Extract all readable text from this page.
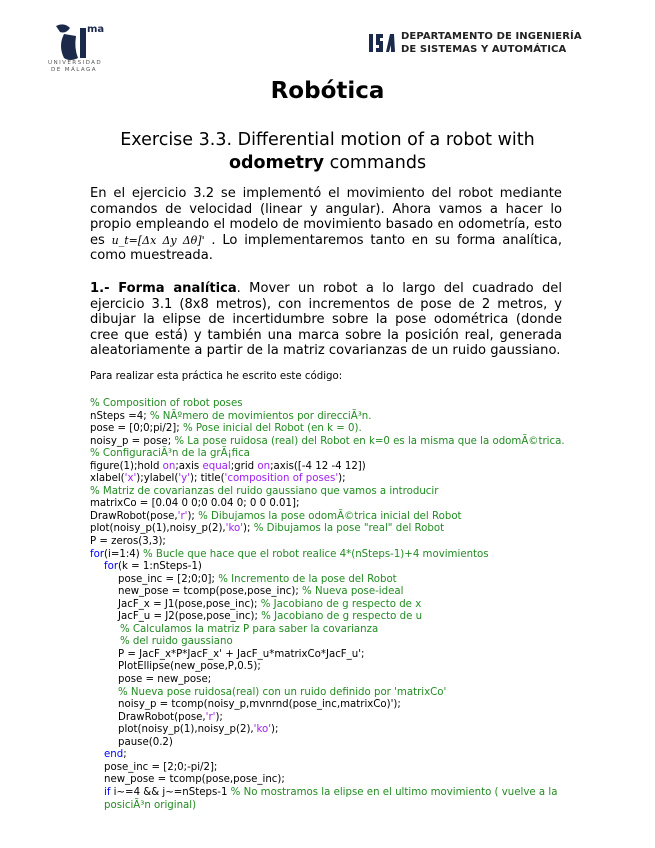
ma
UNIVERSIDAD DE MÁLAGA
DEPARTAMENTO DE INGENIERÍA
DE SISTEMAS Y AUTOMÁTICA
Robótica
Exercise 3.3. Differential motion of a robot with
odometry commands
En el ejercicio 3.2 se implementó el movimiento del robot mediante comandos de velocidad (linear y angular). Ahora vamos a hacer lo propio empleando el modelo de movimiento basado en odometría, esto es u_t=[Δx Δy Δθ]' . Lo implementaremos tanto en su forma analítica, como muestreada.
1.- Forma analítica. Mover un robot a lo largo del cuadrado del ejercicio 3.1 (8x8 metros), con incrementos de pose de 2 metros, y dibujar la elipse de incertidumbre sobre la pose odométrica (donde cree que está) y también una marca sobre la posición real, generada aleatoriamente a partir de la matriz covarianzas de un ruido gaussiano.
Para realizar esta práctica he escrito este código:
% Composition of robot poses
nSteps =4; % NÃºmero de movimientos por direcciÃ³n.
pose = [0;0;pi/2]; % Pose inicial del Robot (en k = 0).
noisy_p = pose; % La pose ruidosa (real) del Robot en k=0 es la misma que la odomÃ©trica.
% ConfiguraciÃ³n de la grÃ¡fica
figure(1);hold on;axis equal;grid on;axis([-4 12 -4 12])
xlabel('x');ylabel('y'); title('composition of poses');
% Matriz de covarianzas del ruido gaussiano que vamos a introducir
matrixCo = [0.04 0 0;0 0.04 0; 0 0 0.01];
DrawRobot(pose,'r'); % Dibujamos la pose odomÃ©trica inicial del Robot
plot(noisy_p(1),noisy_p(2),'ko'); % Dibujamos la pose "real" del Robot
P = zeros(3,3);
for(i=1:4) % Bucle que hace que el robot realice 4*(nSteps-1)+4 movimientos
for(k = 1:nSteps-1)
pose_inc = [2;0;0]; % Incremento de la pose del Robot
new_pose = tcomp(pose,pose_inc); % Nueva pose-ideal
JacF_x = J1(pose,pose_inc); % Jacobiano de g respecto de x
JacF_u = J2(pose,pose_inc); % Jacobiano de g respecto de u
% Calculamos la matriz P para saber la covarianza
% del ruido gaussiano
P = JacF_x*P*JacF_x' + JacF_u*matrixCo*JacF_u';
PlotEllipse(new_pose,P,0.5);
pose = new_pose;
% Nueva pose ruidosa(real) con un ruido definido por 'matrixCo'
noisy_p = tcomp(noisy_p,mvnrnd(pose_inc,matrixCo)');
DrawRobot(pose,'r');
plot(noisy_p(1),noisy_p(2),'ko');
pause(0.2)
end;
pose_inc = [2;0;-pi/2];
new_pose = tcomp(pose,pose_inc);
if i~=4 && j~=nSteps-1 % No mostramos la elipse en el ultimo movimiento ( vuelve a la posiciÃ³n original)
